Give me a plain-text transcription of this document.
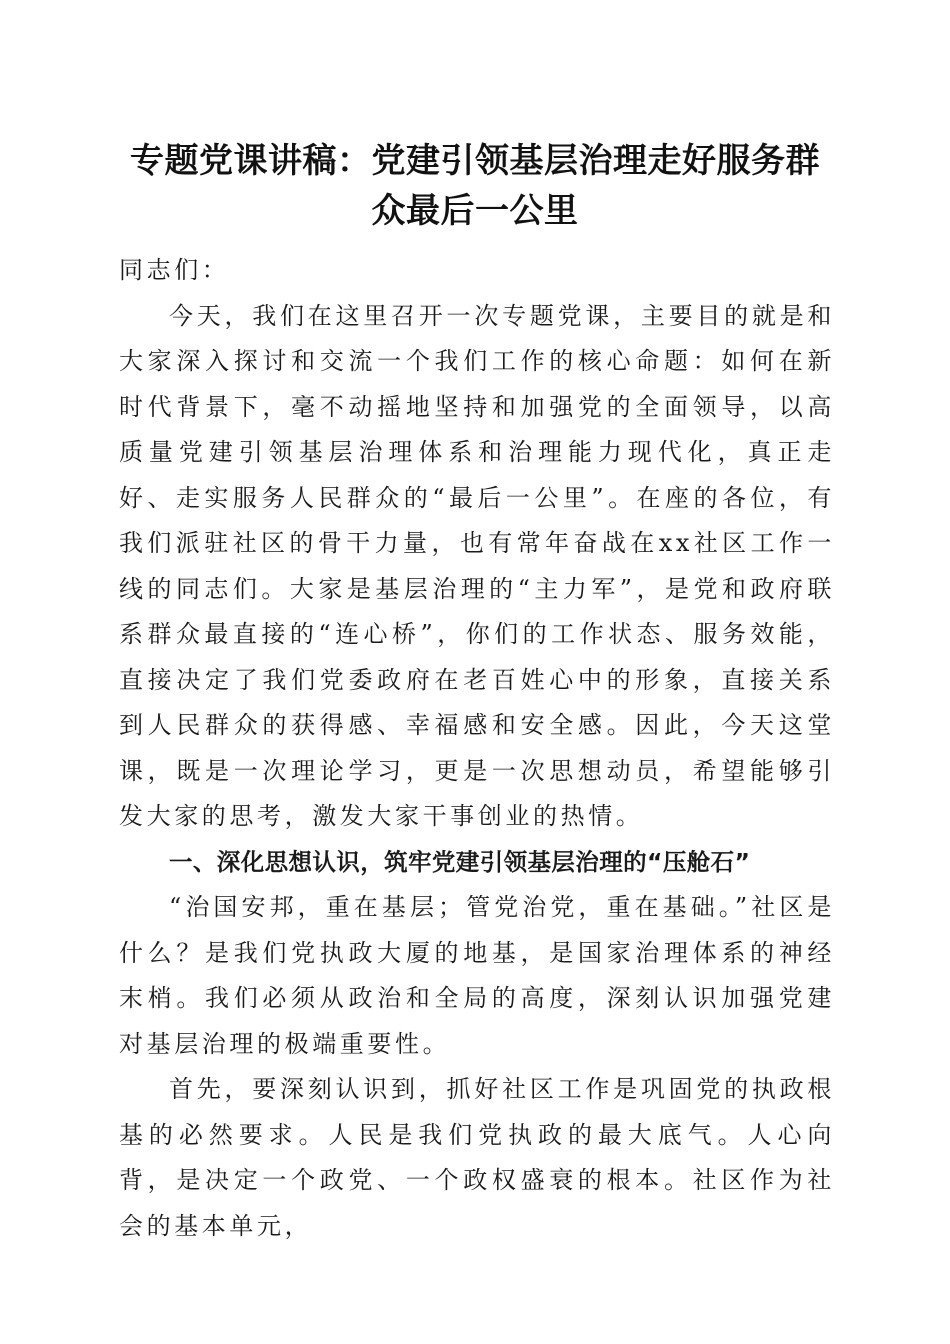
专题党课讲稿：党建引领基层治理走好服务群
众最后一公里

同志们：

今天，我们在这里召开一次专题党课，主要目的就是和大家深入探讨和交流一个我们工作的核心命题：如何在新时代背景下，毫不动摇地坚持和加强党的全面领导，以高质量党建引领基层治理体系和治理能力现代化，真正走好、走实服务人民群众的“最后一公里”。在座的各位，有我们派驻社区的骨干力量，也有常年奋战在xx社区工作一线的同志们。大家是基层治理的“主力军”，是党和政府联系群众最直接的“连心桥”，你们的工作状态、服务效能，直接决定了我们党委政府在老百姓心中的形象，直接关系到人民群众的获得感、幸福感和安全感。因此，今天这堂课，既是一次理论学习，更是一次思想动员，希望能够引发大家的思考，激发大家干事创业的热情。

一、深化思想认识，筑牢党建引领基层治理的“压舱石”

“治国安邦，重在基层；管党治党，重在基础。”社区是什么？是我们党执政大厦的地基，是国家治理体系的神经末梢。我们必须从政治和全局的高度，深刻认识加强党建对基层治理的极端重要性。

首先，要深刻认识到，抓好社区工作是巩固党的执政根基的必然要求。人民是我们党执政的最大底气。人心向背，是决定一个政党、一个政权盛衰的根本。社区作为社会的基本单元，
